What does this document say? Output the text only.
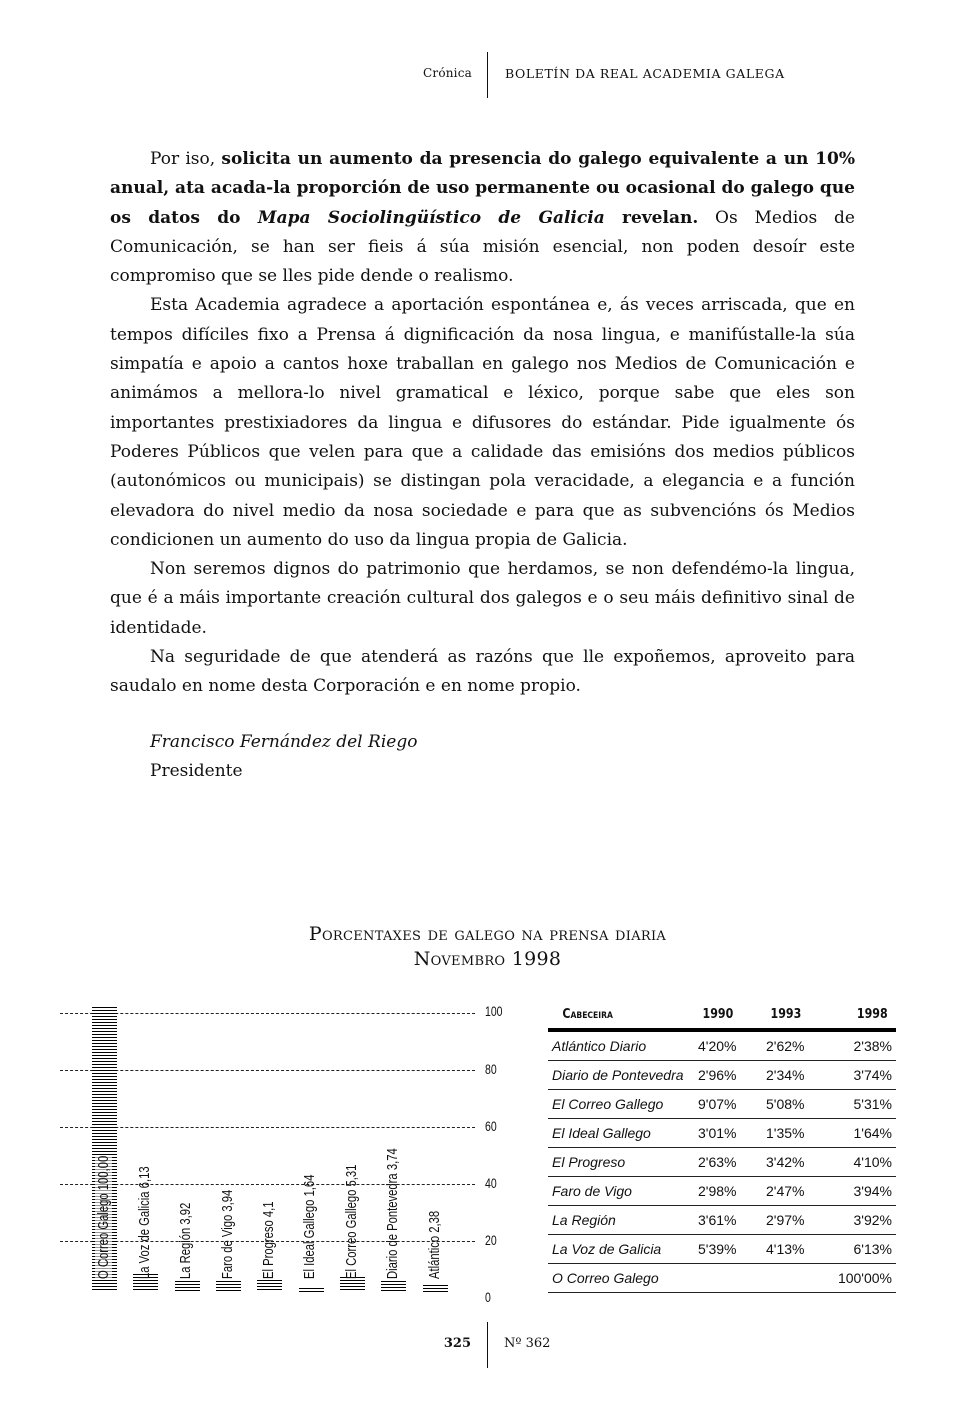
Crónica	BOLETÍN DA REAL ACADEMIA GALEGA

Por iso, solicita un aumento da presencia do galego equivalente a un 10% anual, ata acada-la proporción de uso permanente ou ocasional do galego que os datos do Mapa Sociolingüístico de Galicia revelan. Os Medios de Comunicación, se han ser fieis á súa misión esencial, non poden desoír este compromiso que se lles pide dende o realismo.

Esta Academia agradece a aportación espontánea e, ás veces arriscada, que en tempos difíciles fixo a Prensa á dignificación da nosa lingua, e manifústalle-la súa simpatía e apoio a cantos hoxe traballan en galego nos Medios de Comunicación e animámos a mellora-lo nivel gramatical e léxico, porque sabe que eles son importantes prestixiadores da lingua e difusores do estándar. Pide igualmente ós Poderes Públicos que velen para que a calidade das emisións dos medios públicos (autonómicos ou municipais) se distingan pola veracidade, a elegancia e a función elevadora do nivel medio da nosa sociedade e para que as subvencións ós Medios condicionen un aumento do uso da lingua propia de Galicia.

Non seremos dignos do patrimonio que herdamos, se non defendémo-la lingua, que é a máis importante creación cultural dos galegos e o seu máis definitivo sinal de identidade.

Na seguridade de que atenderá as razóns que lle expoñemos, aproveito para saudalo en nome desta Corporación e en nome propio.

Francisco Fernández del Riego
Presidente
Porcentaxes de galego na prensa diaria
Novembro 1998
100
80
60
40
20
0
O Correo Galego 100,00 La Voz de Galicia 6,13 La Región 3,92 Faro de Vigo 3,94 El Progreso 4,1 El Ideal Gallego 1,64 El Correo Gallego 5,31 Diario de Pontevedra 3,74 Atlántico 2,38
Cabeceira	1990	1993	1998
Atlántico Diario	4'20%	2'62%	2'38%
Diario de Pontevedra	2'96%	2'34%	3'74%
El Correo Gallego	9'07%	5'08%	5'31%
El Ideal Gallego	3'01%	1'35%	1'64%
El Progreso	2'63%	3'42%	4'10%
Faro de Vigo	2'98%	2'47%	3'94%
La Región	3'61%	2'97%	3'92%
La Voz de Galicia	5'39%	4'13%	6'13%
O Correo Galego			100'00%
325	Nº 362
